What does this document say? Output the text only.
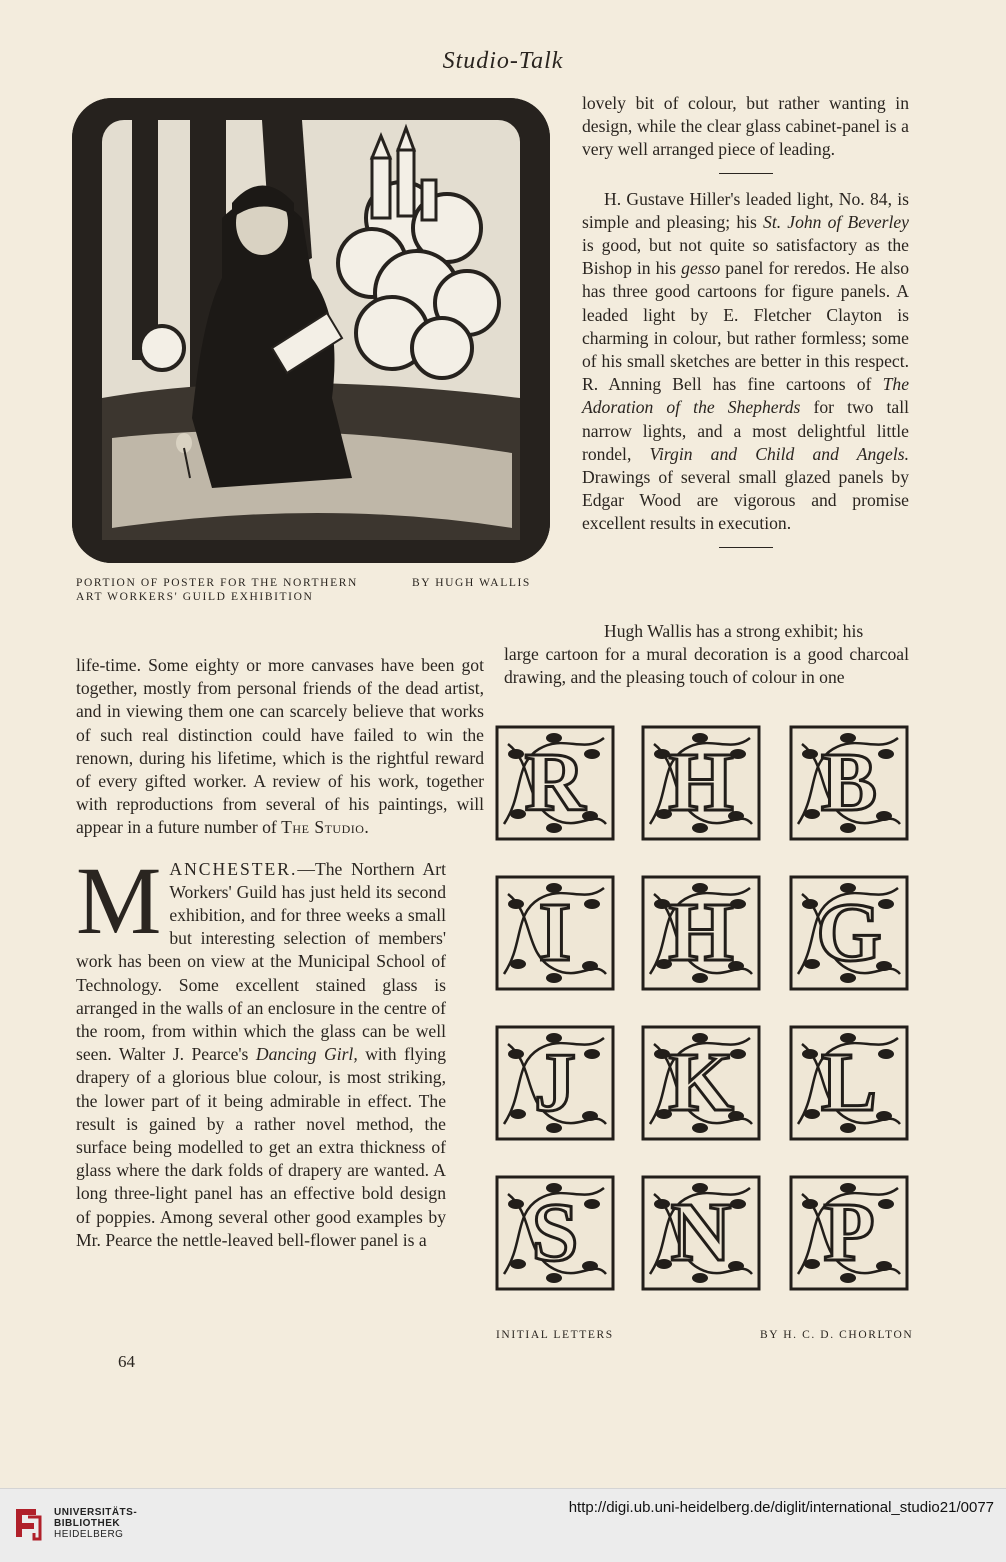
Studio-Talk
PORTION OF POSTER FOR THE NORTHERN
ART WORKERS' GUILD EXHIBITION
BY HUGH WALLIS

lovely bit of colour, but rather wanting in design, while the clear glass cabinet-panel is a very well arranged piece of leading.

H. Gustave Hiller's leaded light, No. 84, is simple and pleasing; his St. John of Beverley is good, but not quite so satisfactory as the Bishop in his gesso panel for reredos. He also has three good cartoons for figure panels. A leaded light by E. Fletcher Clayton is charming in colour, but rather formless; some of his small sketches are better in this respect. R. Anning Bell has fine cartoons of The Adoration of the Shepherds for two tall narrow lights, and a most delightful little rondel, Virgin and Child and Angels. Drawings of several small glazed panels by Edgar Wood are vigorous and promise excellent results in execution.

Hugh Wallis has a strong exhibit; his
large cartoon for a mural decoration is a good charcoal drawing, and the pleasing touch of colour in one

life-time. Some eighty or more canvases have been got together, mostly from personal friends of the dead artist, and in viewing them one can scarcely believe that works of such real distinction could have failed to win the renown, during his lifetime, which is the rightful reward of every gifted worker. A review of his work, together with reproductions from several of his paintings, will appear in a future number of The Studio.

MANCHESTER.—The Northern Art Workers' Guild has just held its second exhibition, and for three weeks a small but interesting selection of members' work has been on view at the Municipal School of Technology. Some excellent stained glass is arranged in the walls of an enclosure in the centre of the room, from within which the glass can be well seen. Walter J. Pearce's Dancing Girl, with flying drapery of a glorious blue colour, is most striking, the lower part of it being admirable in effect. The result is gained by a rather novel method, the surface being modelled to get an extra thickness of glass where the dark folds of drapery are wanted. A long three-light panel has an effective bold design of poppies. Among several other good examples by Mr. Pearce the nettle-leaved bell-flower panel is a

R H	B
I	H G
J	K	L
S	N	P
INITIAL LETTERS	BY H. C. D. CHORLTON
64
UNIVERSITÄTS-
BIBLIOTHEK
HEIDELBERG
http://digi.ub.uni-heidelberg.de/diglit/international_studio21/0077
